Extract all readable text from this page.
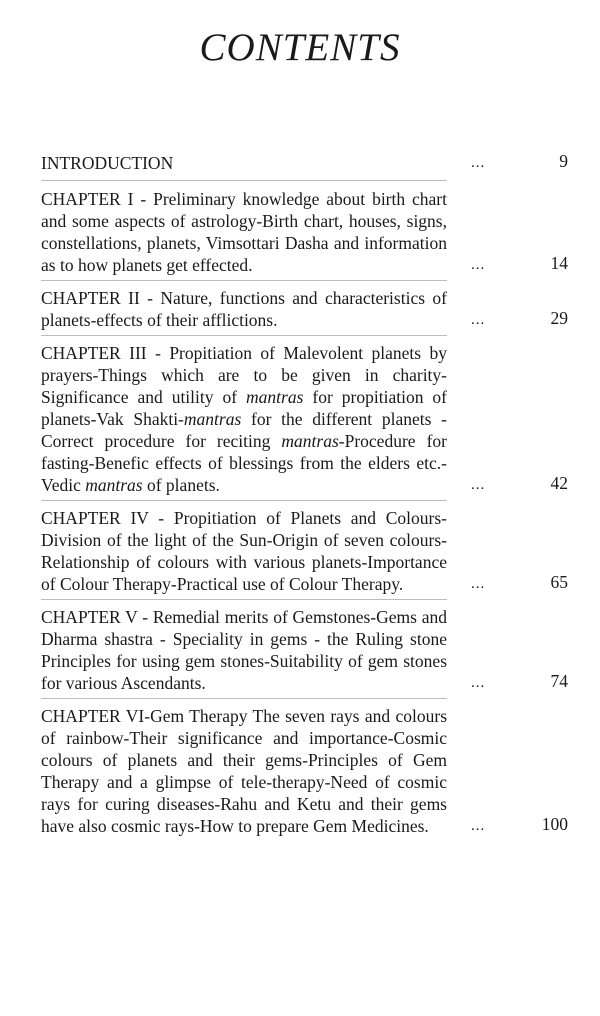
CONTENTS
INTRODUCTION	...	9
CHAPTER I - Preliminary knowledge about birth chart and some aspects of astrology-Birth chart, houses, signs, constellations, planets, Vimsottari Dasha and information as to how planets get effected.	...	14
CHAPTER II - Nature, functions and characteristics of planets-effects of their afflictions.	...	29
CHAPTER III - Propitiation of Malevolent planets by prayers-Things which are to be given in charity-Significance and utility of mantras for propitiation of planets-Vak Shakti-mantras for the different planets -Correct procedure for reciting mantras-Procedure for fasting-Benefic effects of blessings from the elders etc.-Vedic mantras of planets.	...	42
CHAPTER IV - Propitiation of Planets and Colours-Division of the light of the Sun-Origin of seven colours-Relationship of colours with various planets-Importance of Colour Therapy-Practical use of Colour Therapy.	...	65
CHAPTER V - Remedial merits of Gemstones-Gems and Dharma shastra - Speciality in gems - the Ruling stone Principles for using gem stones-Suitability of gem stones for various Ascendants.	...	74
CHAPTER VI-Gem Therapy The seven rays and colours of rainbow-Their significance and importance-Cosmic colours of planets and their gems-Principles of Gem Therapy and a glimpse of tele-therapy-Need of cosmic rays for curing diseases-Rahu and Ketu and their gems have also cosmic rays-How to prepare Gem Medicines.	...	100
